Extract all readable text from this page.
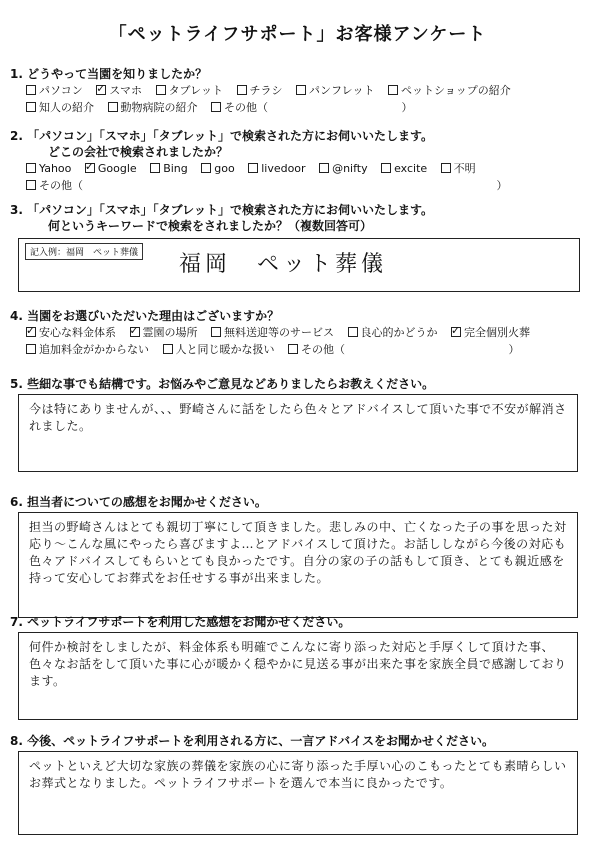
「ペットライフサポート」お客様アンケート
1. どうやって当園を知りましたか？
パソコン ✓ スマホ タブレット チラシ パンフレット ペットショップの紹介
知人の紹介 動物病院の紹介 その他（	）
2. 「パソコン」「スマホ」「タブレット」で検索された方にお伺いいたします。
どこの会社で検索されましたか？
Yahoo ✓ Google Bing goo livedoor @nifty excite 不明
その他（	）
3. 「パソコン」「スマホ」「タブレット」で検索された方にお伺いいたします。
何というキーワードで検索をされましたか？（複数回答可）
記入例：福岡　ペット葬儀 福岡　ペット葬儀
4. 当園をお選びいただいた理由はございますか？
✓安心な料金体系 ✓ 霊園の場所 無料送迎等のサービス 良心的かどうか ✓ 完全個別火葬
追加料金がかからない 人と同じ暖かな扱い その他（	）
5. 些細な事でも結構です。お悩みやご意見などありましたらお教えください。
今は特にありませんが、、、野崎さんに話をしたら色々とアドバイスして頂いた事で不安が解消されました。
6. 担当者についての感想をお聞かせください。
担当の野崎さんはとても親切丁寧にして頂きました。悲しみの中、亡くなった子の事を思った対応り～こんな風にやったら喜びますよ…とアドバイスして頂けた。お話ししながら今後の対応も色々アドバイスしてもらいとても良かったです。自分の家の子の話もして頂き、とても親近感を持って安心してお葬式をお任せする事が出来ました。
7. ペットライフサポートを利用した感想をお聞かせください。
何件か検討をしましたが、料金体系も明確でこんなに寄り添った対応と手厚くして頂けた事、色々なお話をして頂いた事に心が暖かく穏やかに見送る事が出来た事を家族全員で感謝しております。
8. 今後、ペットライフサポートを利用される方に、一言アドバイスをお聞かせください。
ペットといえど大切な家族の葬儀を家族の心に寄り添った手厚い心のこもったとても素晴らしいお葬式となりました。ペットライフサポートを選んで本当に良かったです。
